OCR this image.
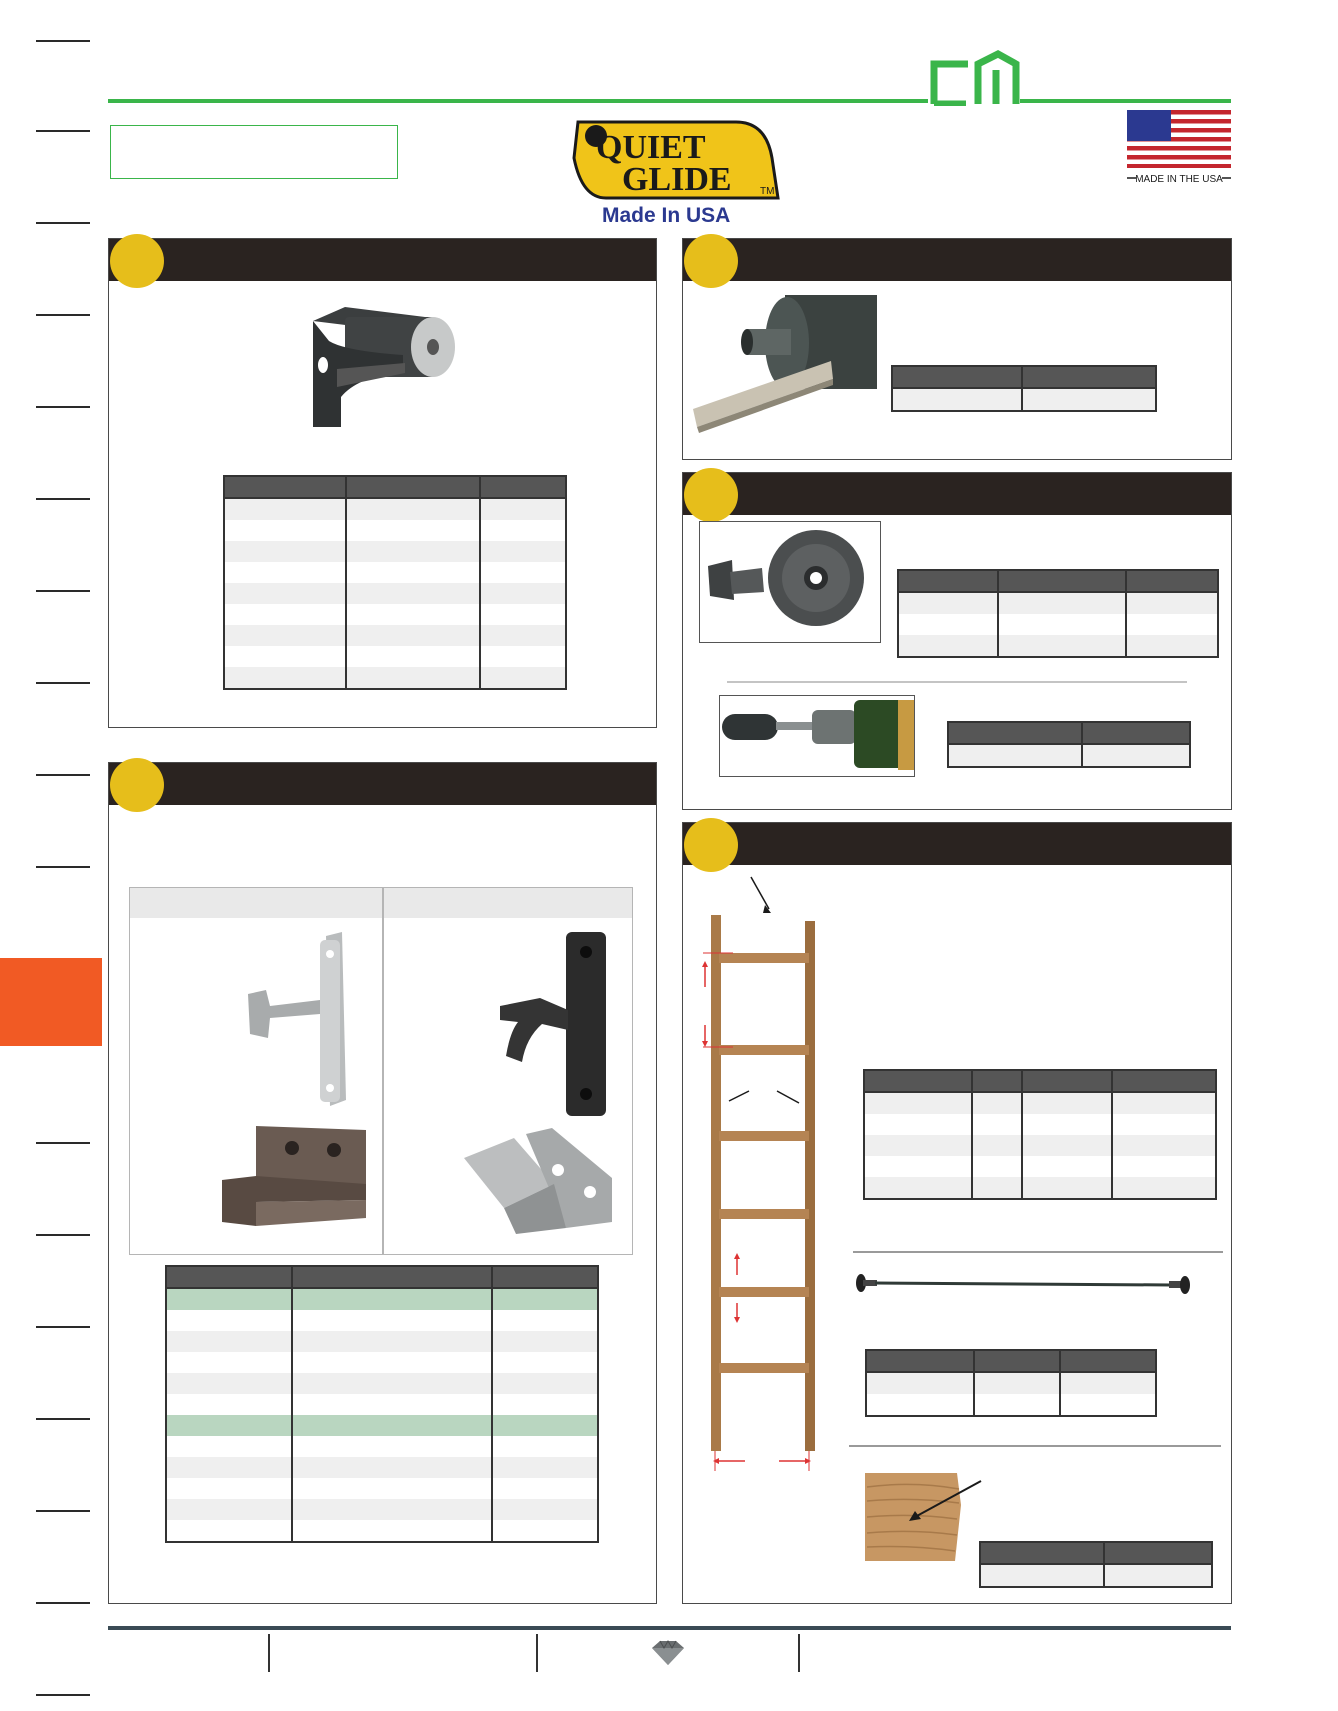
QUIET
GLIDE	TM
Made In USA
MADE IN THE USA
